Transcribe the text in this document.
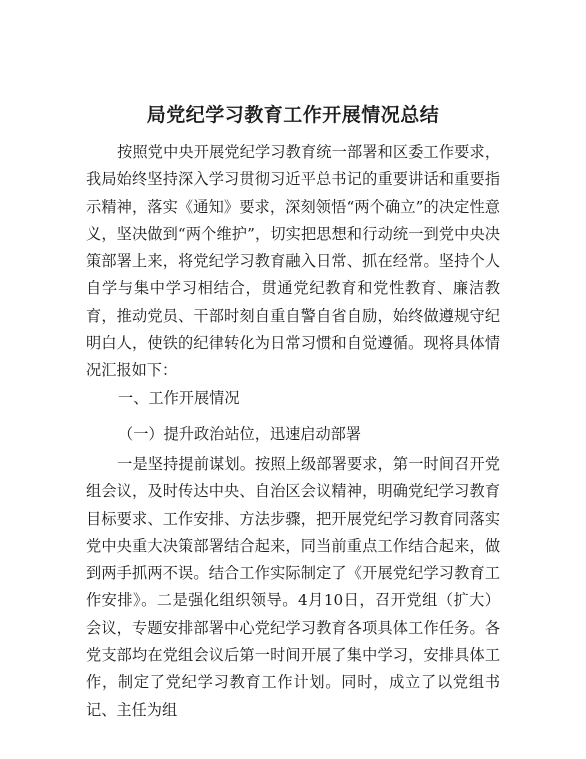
局党纪学习教育工作开展情况总结

按照党中央开展党纪学习教育统一部署和区委工作要求，我局始终坚持深入学习贯彻习近平总书记的重要讲话和重要指示精神，落实《通知》要求，深刻领悟“两个确立”的决定性意义，坚决做到“两个维护”，切实把思想和行动统一到党中央决策部署上来，将党纪学习教育融入日常、抓在经常。坚持个人自学与集中学习相结合，贯通党纪教育和党性教育、廉洁教育，推动党员、干部时刻自重自警自省自励，始终做遵规守纪明白人，使铁的纪律转化为日常习惯和自觉遵循。现将具体情况汇报如下：

一、工作开展情况

（一）提升政治站位，迅速启动部署

一是坚持提前谋划。按照上级部署要求，第一时间召开党组会议，及时传达中央、自治区会议精神，明确党纪学习教育目标要求、工作安排、方法步骤，把开展党纪学习教育同落实党中央重大决策部署结合起来，同当前重点工作结合起来，做到两手抓两不误。结合工作实际制定了《开展党纪学习教育工作安排》。二是强化组织领导。4月10日，召开党组（扩大）会议，专题安排部署中心党纪学习教育各项具体工作任务。各党支部均在党组会议后第一时间开展了集中学习，安排具体工作，制定了党纪学习教育工作计划。同时，成立了以党组书记、主任为组
